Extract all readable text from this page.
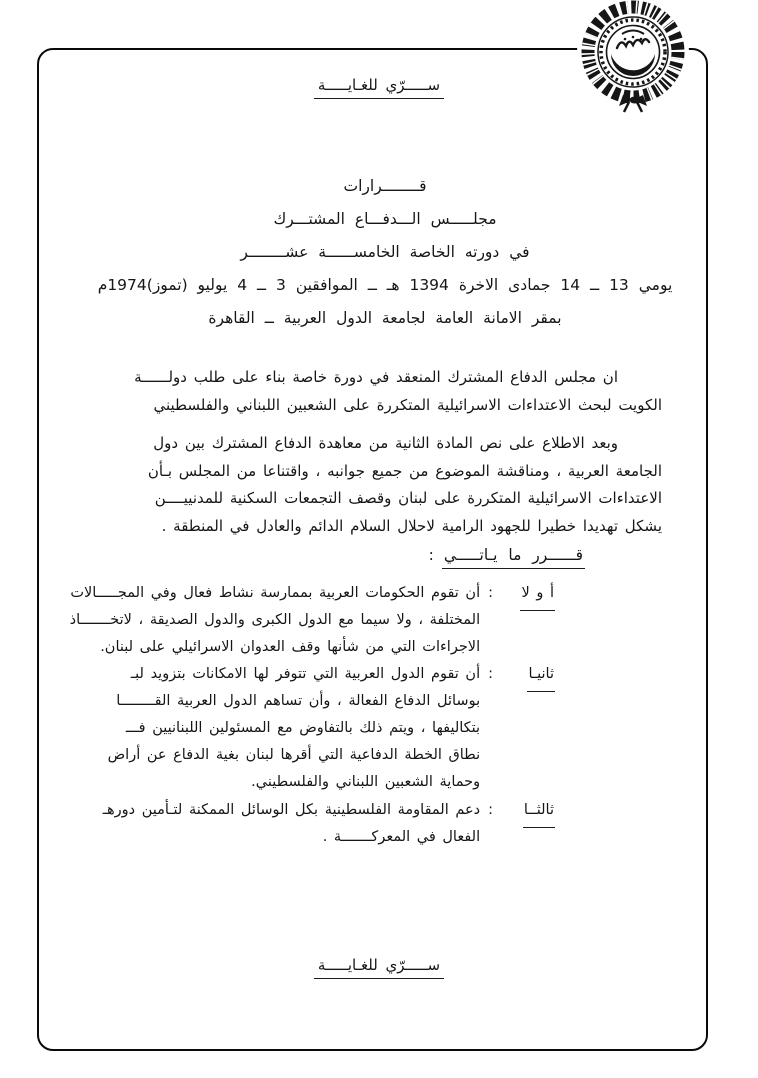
ســـــرّي للغـايـــــة
قــــــــرارات
مجلـــــس الـــدفـــاع المشتـــرك
في دورته الخاصة الخامســــــة عشــــــــر
يومي 13 ــ 14 جمادى الاخرة 1394 هـ ــ الموافقين 3 ــ 4 يوليو (تموز)1974م
بمقر الامانة العامة لجامعة الدول العربية ــ القاهرة
ان مجلس الدفاع المشترك المنعقد في دورة خاصة بناء على طلب دولــــــة
الكويت لبحث الاعتداءات الاسرائيلية المتكررة على الشعبين اللبناني والفلسطيني
وبعد الاطلاع على نص المادة الثانية من معاهدة الدفاع المشترك بين دول
الجامعة العربية ، ومناقشة الموضوع من جميع جوانبه ، واقتناعا من المجلس بـأن
الاعتداءات الاسرائيلية المتكررة على لبنان وقصف التجمعات السكنية للمدنييــــن
يشكل تهديدا خطيرا للجهود الرامية لاحلال السلام الدائم والعادل في المنطقة .
قــــــرر ما يـاتـــــي:
أ و لا
:
أن تقوم الحكومات العربية بممارسة نشاط فعال وفي المجـــــالات
المختلفة ، ولا سيما مع الدول الكبرى والدول الصديقة ، لاتخـــــــاذ
الاجراءات التي من شأنها وقف العدوان الاسرائيلي على لبنان.
ثانيـا
:
أن تقوم الدول العربية التي تتوفر لها الامكانات بتزويد لبـ
بوسائل الدفاع الفعالة ، وأن تساهم الدول العربية القــــــــا
بتكاليفها ، ويتم ذلك بالتفاوض مع المسئولين اللبنانيين فـــ
نطاق الخطة الدفاعية التي أقرها لبنان بغية الدفاع عن أراض
وحماية الشعبين اللبناني والفلسطيني.
ثالثــا
:
دعم المقاومة الفلسطينية بكل الوسائل الممكنة لتـأمين دورهـ
الفعال في المعركـــــــة .
ســـــرّي للغـايـــــة
